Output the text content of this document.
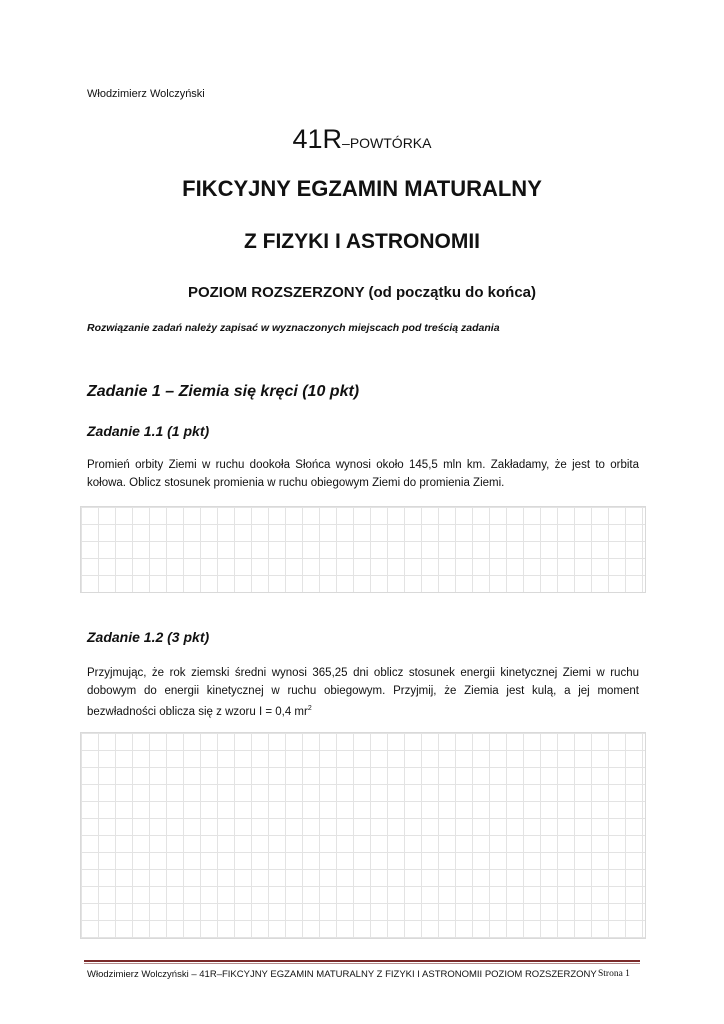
Włodzimierz Wolczyński
41R–POWTÓRKA
FIKCYJNY EGZAMIN MATURALNY
Z FIZYKI I ASTRONOMII
POZIOM ROZSZERZONY (od początku do końca)
Rozwiązanie zadań należy zapisać w wyznaczonych miejscach pod treścią zadania
Zadanie 1 – Ziemia się kręci (10 pkt)
Zadanie 1.1 (1 pkt)
Promień orbity Ziemi w ruchu dookoła Słońca wynosi około 145,5 mln km. Zakładamy, że jest to orbita kołowa. Oblicz stosunek promienia w ruchu obiegowym Ziemi do promienia Ziemi.
Zadanie 1.2 (3 pkt)
Przyjmując, że rok ziemski średni wynosi 365,25 dni oblicz stosunek energii kinetycznej Ziemi w ruchu dobowym do energii kinetycznej w ruchu obiegowym. Przyjmij, że Ziemia jest kulą, a jej moment bezwładności oblicza się z wzoru I = 0,4 $mr^2$
Włodzimierz Wolczyński – 41R–FIKCYJNY EGZAMIN MATURALNY Z FIZYKI I ASTRONOMII POZIOM ROZSZERZONY Strona 1
